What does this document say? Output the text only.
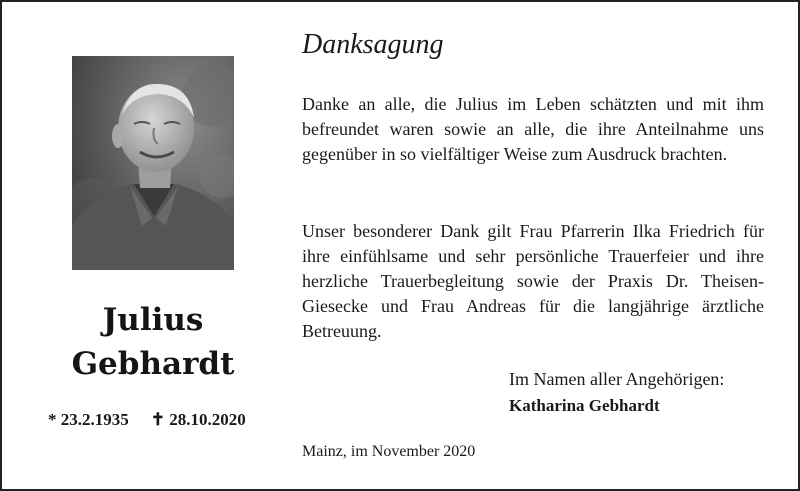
Julius
Gebhardt
* 23.2.1935 ✝ 28.10.2020
Danksagung
Danke an alle, die Julius im Leben schätzten und mit ihm befreundet waren sowie an alle, die ihre Anteilnahme uns gegenüber in so vielfältiger Weise zum Ausdruck brachten.
Unser besonderer Dank gilt Frau Pfarrerin Ilka Friedrich für ihre einfühlsame und sehr persönliche Trauerfeier und ihre herzliche Trauerbegleitung sowie der Praxis Dr. Theisen-Giesecke und Frau Andreas für die langjährige ärztliche Betreuung.
Im Namen aller Angehörigen:
Katharina Gebhardt
Mainz, im November 2020
